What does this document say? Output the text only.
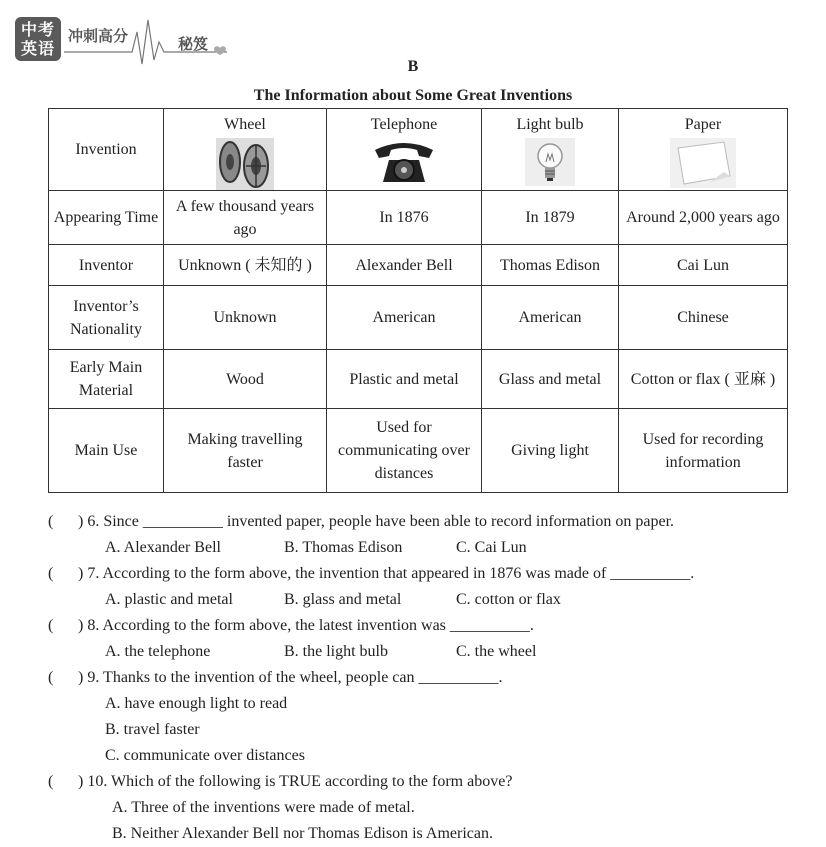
中考
英语
冲刺高分	秘笈
B
The Information about Some Great Inventions
Invention	Wheel	Telephone	Light bulb	Paper

Appearing Time	A few thousand years ago	In 1876	In 1879	Around 2,000 years ago
Inventor	Unknown ( 未知的 )	Alexander Bell	Thomas Edison	Cai Lun
Inventor’s Nationality	Unknown	American	American	Chinese
Early Main Material	Wood	Plastic and metal	Glass and metal	Cotton or flax ( 亚麻 )
Main Use	Making travelling faster	Used for communicating over distances	Giving light	Used for recording information
( ) 6. Since __________ invented paper, people have been able to record information on paper.
A. Alexander Bell	B. Thomas Edison	C. Cai Lun
( ) 7. According to the form above, the invention that appeared in 1876 was made of __________.
A. plastic and metal	B. glass and metal	C. cotton or flax
( ) 8. According to the form above, the latest invention was __________.
A. the telephone	B. the light bulb	C. the wheel
( ) 9. Thanks to the invention of the wheel, people can __________.
A. have enough light to read
B. travel faster
C. communicate over distances
( ) 10. Which of the following is TRUE according to the form above?
A. Three of the inventions were made of metal.
B. Neither Alexander Bell nor Thomas Edison is American.
